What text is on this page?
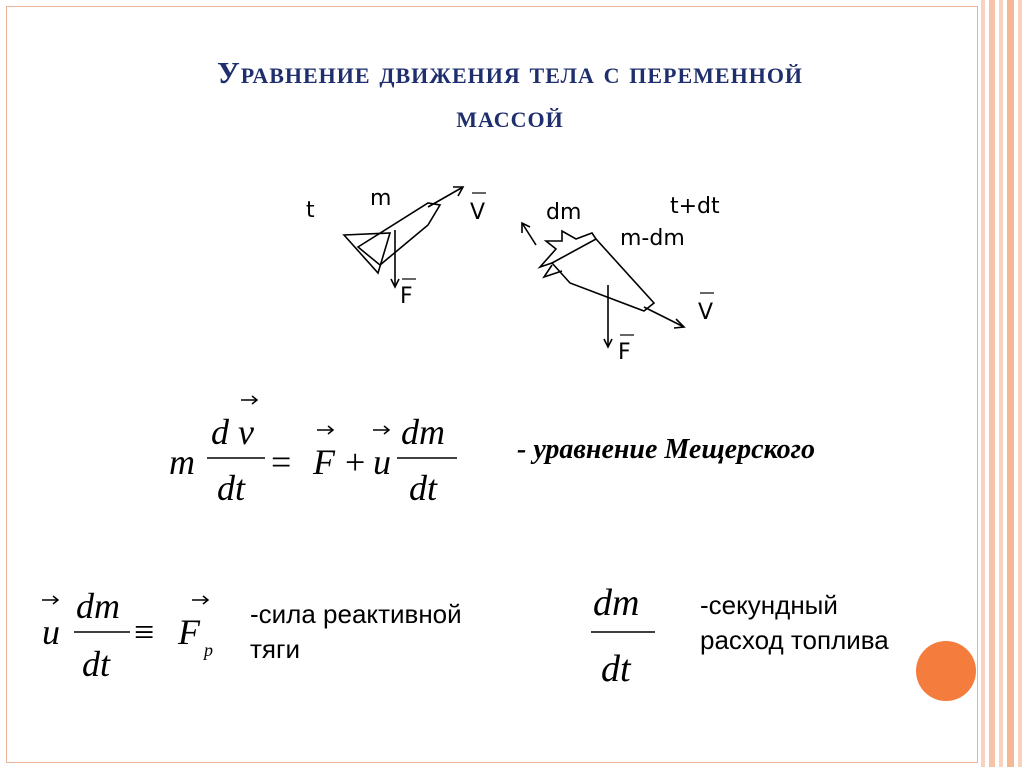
Уравнение движения тела с переменной
массой
t	m
V
F
dm	t+dt
m-dm
V
F
m
d v
dt
= F + u
dm
dt
- уравнение Мещерского
u
dm
dt
≡ F p
-сила реактивной
тяги
dm
dt
-секундный
расход топлива
